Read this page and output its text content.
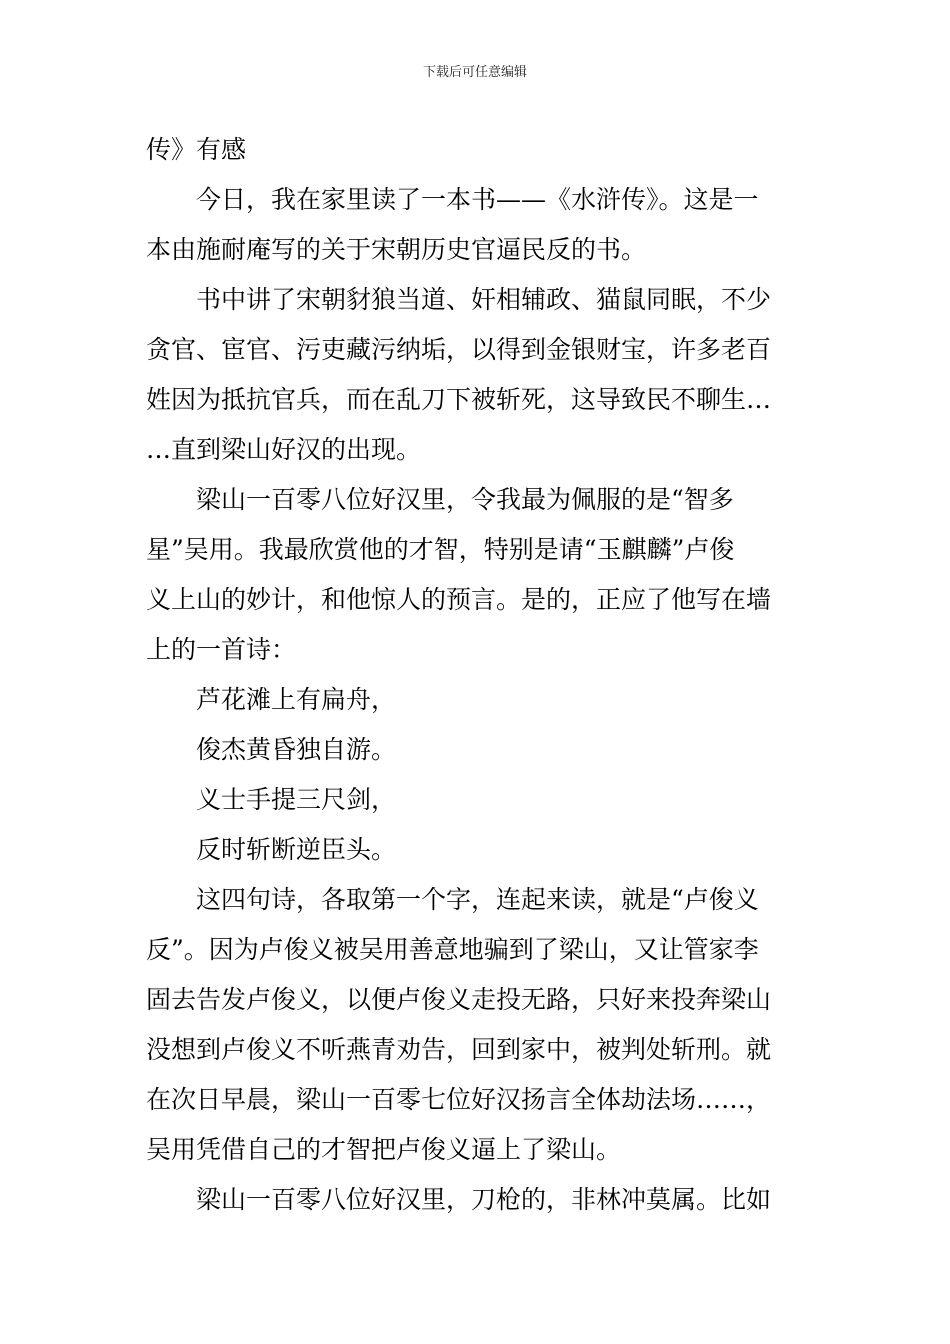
下载后可任意编辑
传》有感
今日，我在家里读了一本书——《水浒传》。这是一
本由施耐庵写的关于宋朝历史官逼民反的书。
书中讲了宋朝豺狼当道、奸相辅政、猫鼠同眠，不少
贪官、宦官、污吏藏污纳垢，以得到金银财宝，许多老百
姓因为抵抗官兵，而在乱刀下被斩死，这导致民不聊生…
…直到梁山好汉的出现。
梁山一百零八位好汉里，令我最为佩服的是“智多
星”吴用。我最欣赏他的才智，特别是请“玉麒麟”卢俊
义上山的妙计，和他惊人的预言。是的，正应了他写在墙
上的一首诗：
芦花滩上有扁舟，
俊杰黄昏独自游。
义士手提三尺剑，
反时斩断逆臣头。
这四句诗，各取第一个字，连起来读，就是“卢俊义
反”。因为卢俊义被吴用善意地骗到了梁山，又让管家李
固去告发卢俊义，以便卢俊义走投无路，只好来投奔梁山
没想到卢俊义不听燕青劝告，回到家中，被判处斩刑。就
在次日早晨，梁山一百零七位好汉扬言全体劫法场……，
吴用凭借自己的才智把卢俊义逼上了梁山。
梁山一百零八位好汉里，刀枪的，非林冲莫属。比如
